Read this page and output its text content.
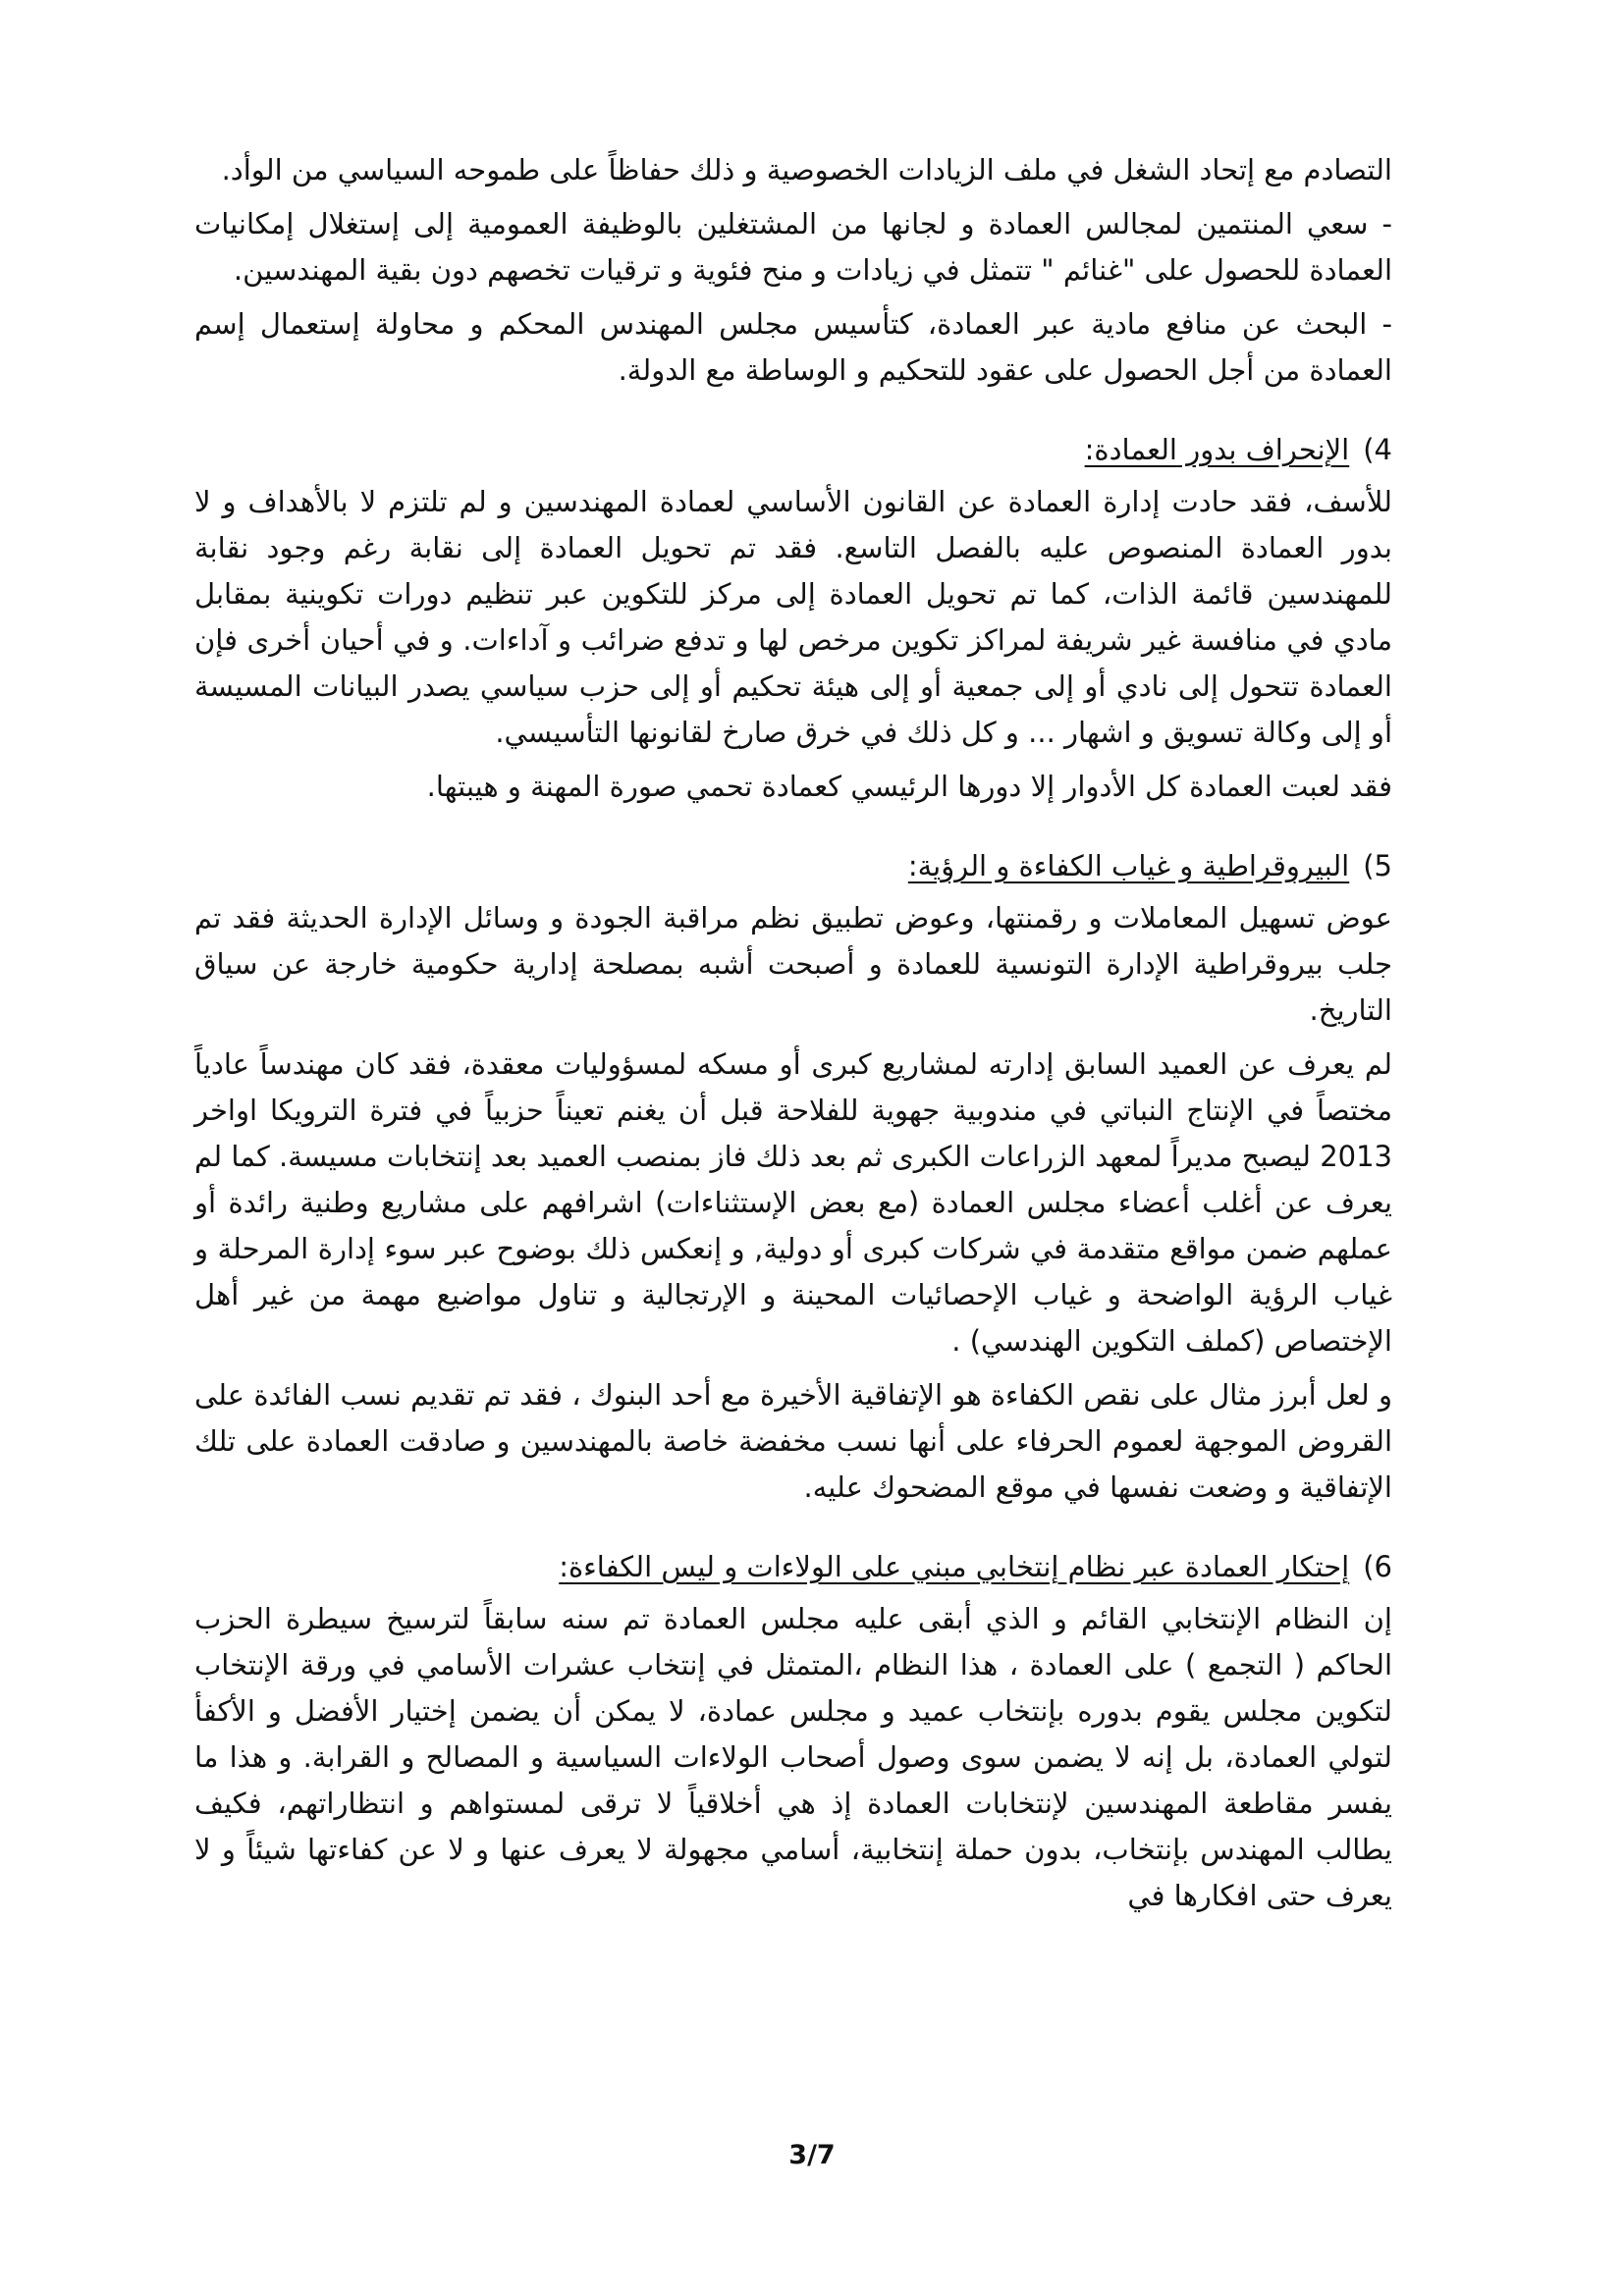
التصادم مع إتحاد الشغل في ملف الزيادات الخصوصية و ذلك حفاظاً على طموحه السياسي من الوأد.

- سعي المنتمين لمجالس العمادة و لجانها من المشتغلين بالوظيفة العمومية إلى إستغلال إمكانيات العمادة للحصول على "غنائم " تتمثل في زيادات و منح فئوية و ترقيات تخصهم دون بقية المهندسين.

- البحث عن منافع مادية عبر العمادة، كتأسيس مجلس المهندس المحكم و محاولة إستعمال إسم العمادة من أجل الحصول على عقود للتحكيم و الوساطة مع الدولة.

4)
الإنحراف بدور العمادة:

للأسف، فقد حادت إدارة العمادة عن القانون الأساسي لعمادة المهندسين و لم تلتزم لا بالأهداف و لا بدور العمادة المنصوص عليه بالفصل التاسع. فقد تم تحويل العمادة إلى نقابة رغم وجود نقابة للمهندسين قائمة الذات، كما تم تحويل العمادة إلى مركز للتكوين عبر تنظيم دورات تكوينية بمقابل مادي في منافسة غير شريفة لمراكز تكوين مرخص لها و تدفع ضرائب و آداءات. و في أحيان أخرى فإن العمادة تتحول إلى نادي أو إلى جمعية أو إلى هيئة تحكيم أو إلى حزب سياسي يصدر البيانات المسيسة أو إلى وكالة تسويق و اشهار ... و كل ذلك في خرق صارخ لقانونها التأسيسي.

فقد لعبت العمادة كل الأدوار إلا دورها الرئيسي كعمادة تحمي صورة المهنة و هيبتها.

5)
البيروقراطية و غياب الكفاءة و الرؤية:

عوض تسهيل المعاملات و رقمنتها، وعوض تطبيق نظم مراقبة الجودة و وسائل الإدارة الحديثة فقد تم جلب بيروقراطية الإدارة التونسية للعمادة و أصبحت أشبه بمصلحة إدارية حكومية خارجة عن سياق التاريخ.

لم يعرف عن العميد السابق إدارته لمشاريع كبرى أو مسكه لمسؤوليات معقدة، فقد كان مهندساً عادياً مختصاً في الإنتاج النباتي في مندوبية جهوية للفلاحة قبل أن يغنم تعيناً حزبياً في فترة الترويكا اواخر 2013 ليصبح مديراً لمعهد الزراعات الكبرى ثم بعد ذلك فاز بمنصب العميد بعد إنتخابات مسيسة. كما لم يعرف عن أغلب أعضاء مجلس العمادة (مع بعض الإستثناءات) اشرافهم على مشاريع وطنية رائدة أو عملهم ضمن مواقع متقدمة في شركات كبرى أو دولية, و إنعكس ذلك بوضوح عبر سوء إدارة المرحلة و غياب الرؤية الواضحة و غياب الإحصائيات المحينة و الإرتجالية و تناول مواضيع مهمة من غير أهل الإختصاص (كملف التكوين الهندسي) .

و لعل أبرز مثال على نقص الكفاءة هو الإتفاقية الأخيرة مع أحد البنوك ، فقد تم تقديم نسب الفائدة على القروض الموجهة لعموم الحرفاء على أنها نسب مخفضة خاصة بالمهندسين و صادقت العمادة على تلك الإتفاقية و وضعت نفسها في موقع المضحوك عليه.

6)
إحتكار العمادة عبر نظام إنتخابي مبني على الولاءات و ليس الكفاءة:

إن النظام الإنتخابي القائم و الذي أبقى عليه مجلس العمادة تم سنه سابقاً لترسيخ سيطرة الحزب الحاكم ( التجمع ) على العمادة ، هذا النظام ،المتمثل في إنتخاب عشرات الأسامي في ورقة الإنتخاب لتكوين مجلس يقوم بدوره بإنتخاب عميد و مجلس عمادة، لا يمكن أن يضمن إختيار الأفضل و الأكفأ لتولي العمادة، بل إنه لا يضمن سوى وصول أصحاب الولاءات السياسية و المصالح و القرابة. و هذا ما يفسر مقاطعة المهندسين لإنتخابات العمادة إذ هي أخلاقياً لا ترقى لمستواهم و انتظاراتهم، فكيف يطالب المهندس بإنتخاب، بدون حملة إنتخابية، أسامي مجهولة لا يعرف عنها و لا عن كفاءتها شيئاً و لا يعرف حتى افكارها في

3/7
